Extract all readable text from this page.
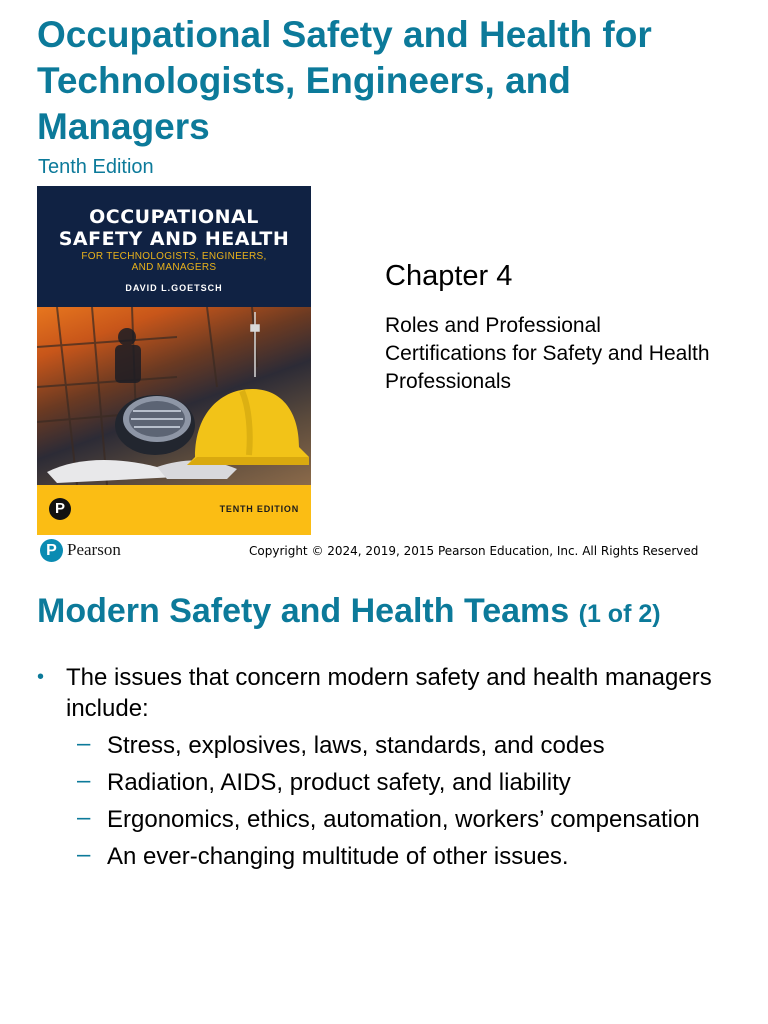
Occupational Safety and Health for Technologists, Engineers, and Managers

Tenth Edition

OCCUPATIONAL
SAFETY AND HEALTH
FOR TECHNOLOGISTS, ENGINEERS,
AND MANAGERS
DAVID L.GOETSCH
P	TENTH EDITION

Chapter 4

Roles and Professional Certifications for Safety and Health Professionals

P Pearson	Copyright © 2024, 2019, 2015 Pearson Education, Inc. All Rights Reserved
Modern Safety and Health Teams (1 of 2)
• The issues that concern modern safety and health managers include:
– Stress, explosives, laws, standards, and codes
– Radiation, AIDS, product safety, and liability
– Ergonomics, ethics, automation, workers’ compensation
– An ever-changing multitude of other issues.
